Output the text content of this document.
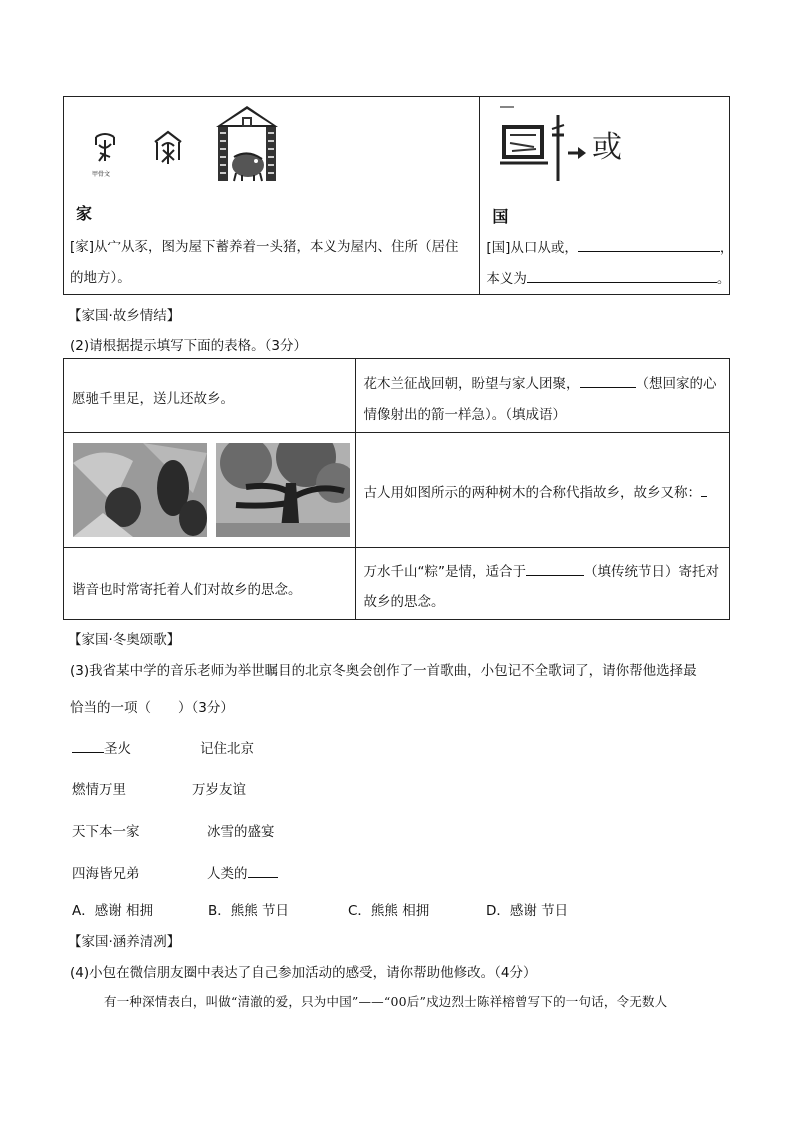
甲骨文
家
[家]从宀从豕，图为屋下蓄养着一头猪，本义为屋内、住所（居住
的地方）。

或
国
[国]从口从或，	，
本义为	。
【家国·故乡情结】
(2)请根据提示填写下面的表格。（3分）
愿驰千里足，送儿还故乡。	花木兰征战回朝，盼望与家人团聚， （想回家的心
情像射出的箭一样急）。（填成语）

古人用如图所示的两种树木的合称代指故乡，故乡又称：

谐音也时常寄托着人们对故乡的思念。	万水千山“粽”是情，适合于 （填传统节日）寄托对
故乡的思念。
【家国·冬奥颂歌】
(3)我省某中学的音乐老师为举世瞩目的北京冬奥会创作了一首歌曲，小包记不全歌词了，请你帮他选择最
恰当的一项（　　）（3分）
圣火	记住北京
燃情万里	万岁友谊
天下本一家	冰雪的盛宴
四海皆兄弟	人类的
A．感谢 相拥	B．熊熊 节日	C．熊熊 相拥	D．感谢 节日
【家国·涵养清冽】
(4)小包在微信朋友圈中表达了自己参加活动的感受，请你帮助他修改。（4分）
有一种深情表白，叫做“清澈的爱，只为中国”——“00后”戍边烈士陈祥榕曾写下的一句话，令无数人
